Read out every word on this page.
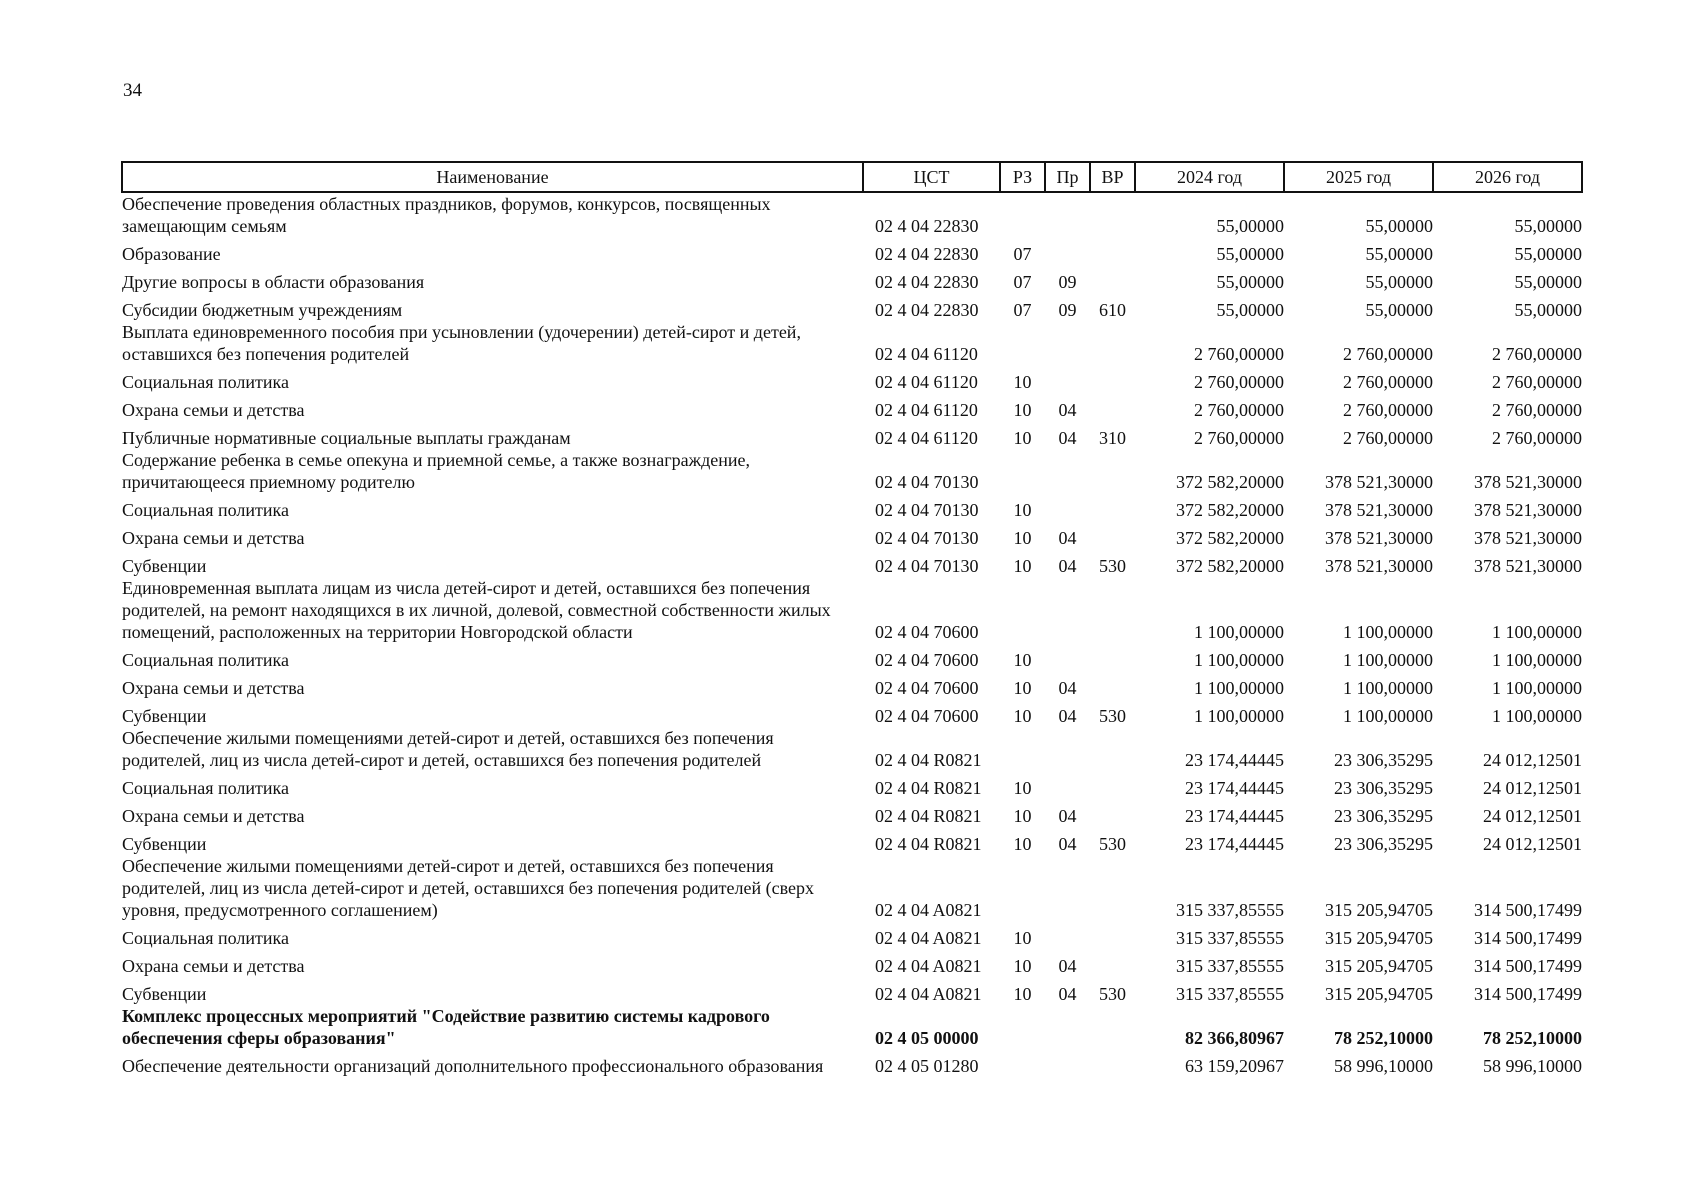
34
Наименование	ЦСТ	РЗ	Пр	ВР	2024 год	2025 год	2026 год
Обеспечение проведения областных праздников, форумов, конкурсов, посвященных замещающим семьям	02 4 04 22830				55,00000	55,00000	55,00000
Образование	02 4 04 22830	07			55,00000	55,00000	55,00000
Другие вопросы в области образования	02 4 04 22830	07	09		55,00000	55,00000	55,00000
Субсидии бюджетным учреждениям	02 4 04 22830	07	09	610	55,00000	55,00000	55,00000
Выплата единовременного пособия при усыновлении (удочерении) детей-сирот и детей, оставшихся без попечения родителей	02 4 04 61120				2 760,00000	2 760,00000	2 760,00000
Социальная политика	02 4 04 61120	10			2 760,00000	2 760,00000	2 760,00000
Охрана семьи и детства	02 4 04 61120	10	04		2 760,00000	2 760,00000	2 760,00000
Публичные нормативные социальные выплаты гражданам	02 4 04 61120	10	04	310	2 760,00000	2 760,00000	2 760,00000
Содержание ребенка в семье опекуна и приемной семье, а также вознаграждение, причитающееся приемному родителю	02 4 04 70130				372 582,20000	378 521,30000	378 521,30000
Социальная политика	02 4 04 70130	10			372 582,20000	378 521,30000	378 521,30000
Охрана семьи и детства	02 4 04 70130	10	04		372 582,20000	378 521,30000	378 521,30000
Субвенции	02 4 04 70130	10	04	530	372 582,20000	378 521,30000	378 521,30000
Единовременная выплата лицам из числа детей-сирот и детей, оставшихся без попечения родителей, на ремонт находящихся в их личной, долевой, совместной собственности жилых помещений, расположенных на территории Новгородской области	02 4 04 70600				1 100,00000	1 100,00000	1 100,00000
Социальная политика	02 4 04 70600	10			1 100,00000	1 100,00000	1 100,00000
Охрана семьи и детства	02 4 04 70600	10	04		1 100,00000	1 100,00000	1 100,00000
Субвенции	02 4 04 70600	10	04	530	1 100,00000	1 100,00000	1 100,00000
Обеспечение жилыми помещениями детей-сирот и детей, оставшихся без попечения родителей, лиц из числа детей-сирот и детей, оставшихся без попечения родителей	02 4 04 R0821				23 174,44445	23 306,35295	24 012,12501
Социальная политика	02 4 04 R0821	10			23 174,44445	23 306,35295	24 012,12501
Охрана семьи и детства	02 4 04 R0821	10	04		23 174,44445	23 306,35295	24 012,12501
Субвенции	02 4 04 R0821	10	04	530	23 174,44445	23 306,35295	24 012,12501
Обеспечение жилыми помещениями детей-сирот и детей, оставшихся без попечения родителей, лиц из числа детей-сирот и детей, оставшихся без попечения родителей (сверх уровня, предусмотренного соглашением)	02 4 04 A0821				315 337,85555	315 205,94705	314 500,17499
Социальная политика	02 4 04 A0821	10			315 337,85555	315 205,94705	314 500,17499
Охрана семьи и детства	02 4 04 A0821	10	04		315 337,85555	315 205,94705	314 500,17499
Субвенции	02 4 04 A0821	10	04	530	315 337,85555	315 205,94705	314 500,17499
Комплекс процессных мероприятий "Содействие развитию системы кадрового обеспечения сферы образования"	02 4 05 00000				82 366,80967	78 252,10000	78 252,10000
Обеспечение деятельности организаций дополнительного профессионального образования	02 4 05 01280				63 159,20967	58 996,10000	58 996,10000
